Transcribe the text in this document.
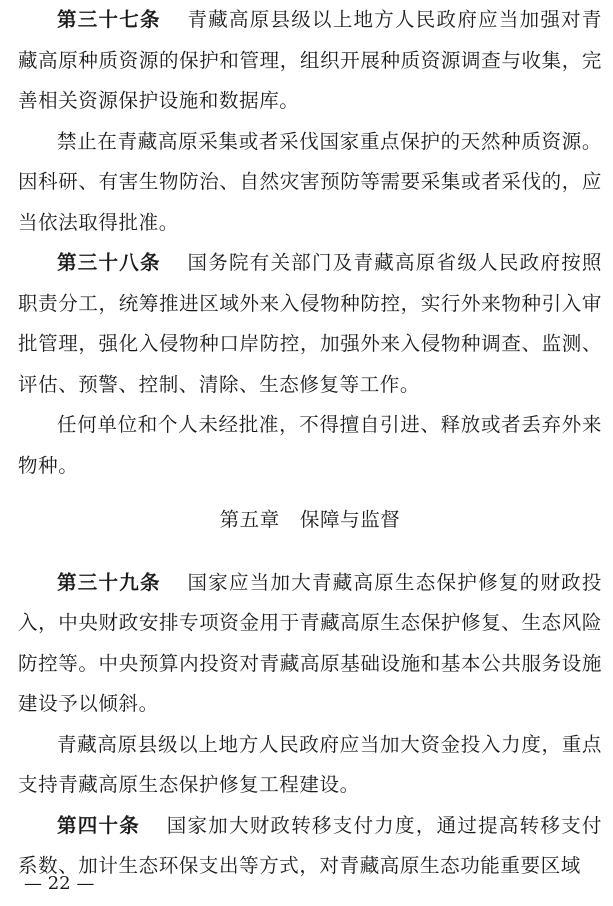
第三十七条 青藏高原县级以上地方人民政府应当加强对青藏高原种质资源的保护和管理，组织开展种质资源调查与收集，完善相关资源保护设施和数据库。

禁止在青藏高原采集或者采伐国家重点保护的天然种质资源。因科研、有害生物防治、自然灾害预防等需要采集或者采伐的，应当依法取得批准。

第三十八条 国务院有关部门及青藏高原省级人民政府按照职责分工，统筹推进区域外来入侵物种防控，实行外来物种引入审批管理，强化入侵物种口岸防控，加强外来入侵物种调查、监测、评估、预警、控制、清除、生态修复等工作。

任何单位和个人未经批准，不得擅自引进、释放或者丢弃外来物种。

第五章 保障与监督

第三十九条 国家应当加大青藏高原生态保护修复的财政投入，中央财政安排专项资金用于青藏高原生态保护修复、生态风险防控等。中央预算内投资对青藏高原基础设施和基本公共服务设施建设予以倾斜。

青藏高原县级以上地方人民政府应当加大资金投入力度，重点支持青藏高原生态保护修复工程建设。

第四十条 国家加大财政转移支付力度，通过提高转移支付系数、加计生态环保支出等方式，对青藏高原生态功能重要区域

— 22 —
